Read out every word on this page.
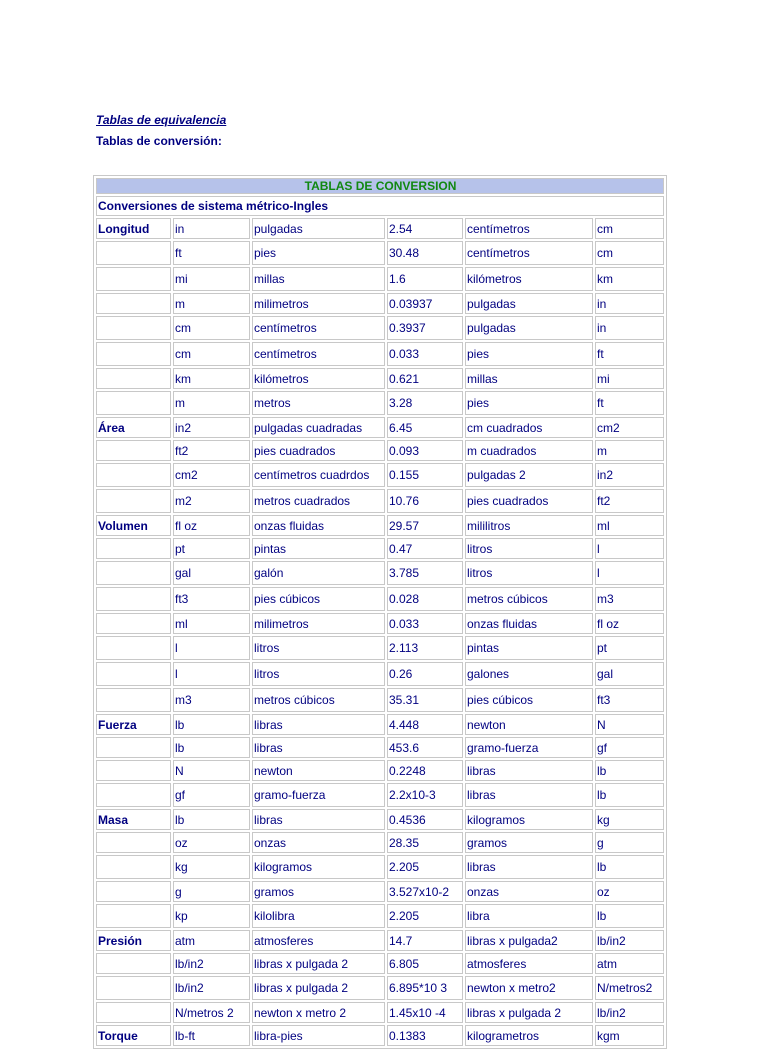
Tablas de equivalencia
Tablas de conversión:
TABLAS DE CONVERSION					
Conversiones de sistema métrico-Ingles					
Longitud	in	pulgadas	2.54	centímetros	cm
	ft	pies	30.48	centímetros	cm
	mi	millas	1.6	kilómetros	km
	m	milimetros	0.03937	pulgadas	in
	cm	centímetros	0.3937	pulgadas	in
	cm	centímetros	0.033	pies	ft
	km	kilómetros	0.621	millas	mi
	m	metros	3.28	pies	ft
Área	in2	pulgadas cuadradas	6.45	cm cuadrados	cm2
	ft2	pies cuadrados	0.093	m cuadrados	m
	cm2	centímetros cuadrdos	0.155	pulgadas 2	in2
	m2	metros cuadrados	10.76	pies cuadrados	ft2
Volumen	fl oz	onzas fluidas	29.57	mililitros	ml
	pt	pintas	0.47	litros	l
	gal	galón	3.785	litros	l
	ft3	pies cúbicos	0.028	metros cúbicos	m3
	ml	milimetros	0.033	onzas fluidas	fl oz
	l	litros	2.113	pintas	pt
	l	litros	0.26	galones	gal
	m3	metros cúbicos	35.31	pies cúbicos	ft3
Fuerza	lb	libras	4.448	newton	N
	lb	libras	453.6	gramo-fuerza	gf
	N	newton	0.2248	libras	lb
	gf	gramo-fuerza	2.2x10-3	libras	lb
Masa	lb	libras	0.4536	kilogramos	kg
	oz	onzas	28.35	gramos	g
	kg	kilogramos	2.205	libras	lb
	g	gramos	3.527x10-2	onzas	oz
	kp	kilolibra	2.205	libra	lb
Presión	atm	atmosferes	14.7	libras x pulgada2	lb/in2
	lb/in2	libras x pulgada 2	6.805	atmosferes	atm
	lb/in2	libras x pulgada 2	6.895*10 3	newton x metro2	N/metros2
	N/metros 2	newton x metro 2	1.45x10 -4	libras x pulgada 2	lb/in2
Torque	lb-ft	libra-pies	0.1383	kilogrametros	kgm
